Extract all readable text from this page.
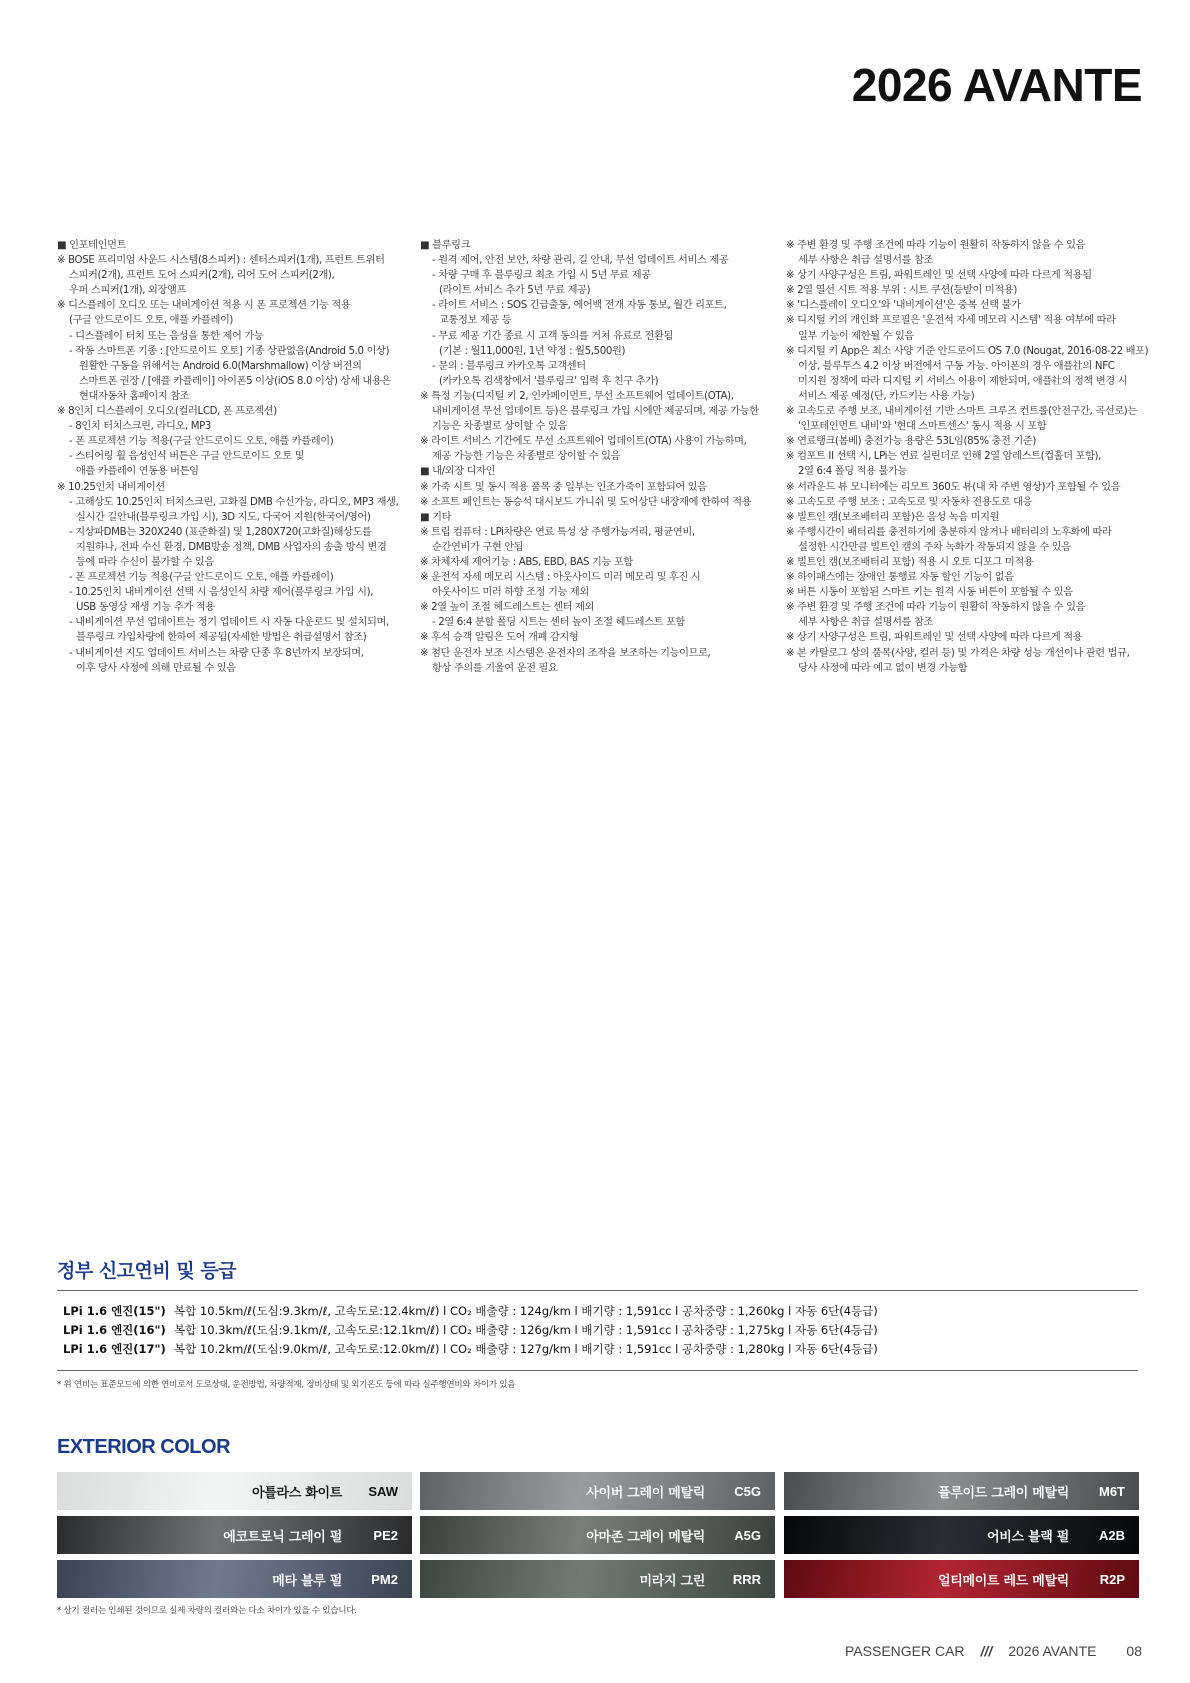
2026 AVANTE

■ 인포테인먼트

※ BOSE 프리미엄 사운드 시스템(8스피커) : 센터스피커(1개), 프런트 트위터

스피커(2개), 프런트 도어 스피커(2개), 리어 도어 스피커(2개),

우퍼 스피커(1개), 외장앰프

※ 디스플레이 오디오 또는 내비게이션 적용 시 폰 프로젝션 기능 적용

(구글 안드로이드 오토, 애플 카플레이)

- 디스플레이 터치 또는 음성을 통한 제어 가능

- 작동 스마트폰 기종 : [안드로이드 오토] 기종 상관없음(Android 5.0 이상)

원활한 구동을 위해서는 Android 6.0(Marshmallow) 이상 버전의

스마트폰 권장 / [애플 카플레이] 아이폰5 이상(iOS 8.0 이상) 상세 내용은

현대자동차 홈페이지 참조

※ 8인치 디스플레이 오디오(컬러LCD, 폰 프로젝션)

- 8인치 터치스크린, 라디오, MP3

- 폰 프로젝션 기능 적용(구글 안드로이드 오토, 애플 카플레이)

- 스티어링 휠 음성인식 버튼은 구글 안드로이드 오토 및

애플 카플레이 연동용 버튼임

※ 10.25인치 내비게이션

- 고해상도 10.25인치 터치스크린, 고화질 DMB 수신가능, 라디오, MP3 재생,

실시간 길안내(블루링크 가입 시), 3D 지도, 다국어 지원(한국어/영어)

- 지상파DMB는 320X240 (표준화질) 및 1,280X720(고화질)해상도를

지원하나, 전파 수신 환경, DMB방송 정책, DMB 사업자의 송출 방식 변경

등에 따라 수신이 불가할 수 있음

- 폰 프로젝션 기능 적용(구글 안드로이드 오토, 애플 카플레이)

- 10.25인치 내비게이션 선택 시 음성인식 차량 제어(블루링크 가입 시),

USB 동영상 재생 기능 추가 적용

- 내비게이션 무선 업데이트는 정기 업데이트 시 자동 다운로드 및 설치되며,

블루링크 가입차량에 한하여 제공됨(자세한 방법은 취급설명서 참조)

- 내비게이션 지도 업데이트 서비스는 차량 단종 후 8년까지 보장되며,

이후 당사 사정에 의해 만료될 수 있음

■ 블루링크

- 원격 제어, 안전 보안, 차량 관리, 길 안내, 무선 업데이트 서비스 제공

- 차량 구매 후 블루링크 최초 가입 시 5년 무료 제공

(라이트 서비스 추가 5년 무료 제공)

- 라이트 서비스 : SOS 긴급출동, 에어백 전개 자동 통보, 월간 리포트,

교통정보 제공 등

- 무료 제공 기간 종료 시 고객 동의를 거쳐 유료로 전환됨

(기본 : 월11,000원, 1년 약정 : 월5,500원)

- 문의 : 블루링크 카카오톡 고객센터

(카카오톡 검색창에서 '블루링크' 입력 후 친구 추가)

※ 특정 기능(디지털 키 2, 인카페이먼트, 무선 소프트웨어 업데이트(OTA),

내비게이션 무선 업데이트 등)은 블루링크 가입 시에만 제공되며, 제공 가능한

기능은 차종별로 상이할 수 있음

※ 라이트 서비스 기간에도 무선 소프트웨어 업데이트(OTA) 사용이 가능하며,

제공 가능한 기능은 차종별로 상이할 수 있음

■ 내/외장 디자인

※ 가죽 시트 및 동시 적용 품목 중 일부는 인조가죽이 포함되어 있음

※ 소프트 페인트는 동승석 대시보드 가니쉬 및 도어상단 내장재에 한하여 적용

■ 기타

※ 트립 컴퓨터 : LPi차량은 연료 특성 상 주행가능거리, 평균연비,

순간연비가 구현 안됨

※ 차체자세 제어기능 : ABS, EBD, BAS 기능 포함

※ 운전석 자세 메모리 시스템 : 아웃사이드 미러 메모리 및 후진 시

아웃사이드 미러 하향 조정 기능 제외

※ 2열 높이 조절 헤드레스트는 센터 제외

- 2열 6:4 분할 폴딩 시트는 센터 높이 조절 헤드레스트 포함

※ 후석 승객 알림은 도어 개폐 감지형

※ 첨단 운전자 보조 시스템은 운전자의 조작을 보조하는 기능이므로,

항상 주의를 기울여 운전 필요

※ 주변 환경 및 주행 조건에 따라 기능이 원활히 작동하지 않을 수 있음

세부 사항은 취급 설명서를 참조

※ 상기 사양구성은 트림, 파워트레인 및 선택 사양에 따라 다르게 적용됨

※ 2열 열선 시트 적용 부위 : 시트 쿠션(등받이 미적용)

※ '디스플레이 오디오'와 '내비게이션'은 중복 선택 불가

※ 디지털 키의 개인화 프로필은 '운전석 자세 메모리 시스템' 적용 여부에 따라

일부 기능이 제한될 수 있음

※ 디지털 키 App은 최소 사양 기준 안드로이드 OS 7.0 (Nougat, 2016-08-22 배포)

이상, 블루투스 4.2 이상 버전에서 구동 가능. 아이폰의 경우 애플社의 NFC

미지원 정책에 따라 디지털 키 서비스 이용이 제한되며, 애플社의 정책 변경 시

서비스 제공 예정(단, 카드키는 사용 가능)

※ 고속도로 주행 보조, 내비게이션 기반 스마트 크루즈 컨트롤(안전구간, 곡선로)는

'인포테인먼트 내비'와 '현대 스마트센스' 동시 적용 시 포함

※ 연료탱크(봄베) 충전가능 용량은 53L임(85% 충전 기준)

※ 컴포트 II 선택 시, LPi는 연료 실린더로 인해 2열 암레스트(컵홀더 포함),

2열 6:4 폴딩 적용 불가능

※ 서라운드 뷰 모니터에는 리모트 360도 뷰(내 차 주변 영상)가 포함될 수 있음

※ 고속도로 주행 보조 : 고속도로 및 자동차 전용도로 대응

※ 빌트인 캠(보조배터리 포함)은 음성 녹음 미지원

※ 주행시간이 배터리를 충전하기에 충분하지 않거나 배터리의 노후화에 따라

설정한 시간만큼 빌트인 캠의 주차 녹화가 작동되지 않을 수 있음

※ 빌트인 캠(보조배터리 포함) 적용 시 오토 디포그 미적용

※ 하이패스에는 장애인 통행료 자동 할인 기능이 없음

※ 버튼 시동이 포함된 스마트 키는 원격 시동 버튼이 포함될 수 있음

※ 주변 환경 및 주행 조건에 따라 기능이 원활히 작동하지 않을 수 있음

세부 사항은 취급 설명서를 참조

※ 상기 사양구성은 트림, 파워트레인 및 선택 사양에 따라 다르게 적용

※ 본 카탈로그 상의 품목(사양, 컬러 등) 및 가격은 차량 성능 개선이나 관련 법규,

당사 사정에 따라 예고 없이 변경 가능함

정부 신고연비 및 등급
LPi 1.6 엔진(15") 복합 10.5km/ℓ(도심:9.3km/ℓ, 고속도로:12.4km/ℓ) l CO₂ 배출량 : 124g/km l 배기량 : 1,591cc l 공차중량 : 1,260kg l 자동 6단(4등급)
LPi 1.6 엔진(16") 복합 10.3km/ℓ(도심:9.1km/ℓ, 고속도로:12.1km/ℓ) l CO₂ 배출량 : 126g/km l 배기량 : 1,591cc l 공차중량 : 1,275kg l 자동 6단(4등급)
LPi 1.6 엔진(17") 복합 10.2km/ℓ(도심:9.0km/ℓ, 고속도로:12.0km/ℓ) l CO₂ 배출량 : 127g/km l 배기량 : 1,591cc l 공차중량 : 1,280kg l 자동 6단(4등급)
* 위 연비는 표준모드에 의한 연비로서 도로상태, 운전방법, 차량적재, 정비상태 및 외기온도 등에 따라 실주행연비와 차이가 있음
EXTERIOR COLOR
아틀라스 화이트	SAW	사이버 그레이 메탈릭	C5G	플루이드 그레이 메탈릭	M6T
에코트로닉 그레이 펄	PE2	아마존 그레이 메탈릭	A5G	어비스 블랙 펄	A2B
메타 블루 펄	PM2	미라지 그린	RRR	얼티메이트 레드 메탈릭	R2P
* 상기 컬러는 인쇄된 것이므로 실제 차량의 컬러와는 다소 차이가 있을 수 있습니다.
PASSENGER CAR /// 2026 AVANTE 08
